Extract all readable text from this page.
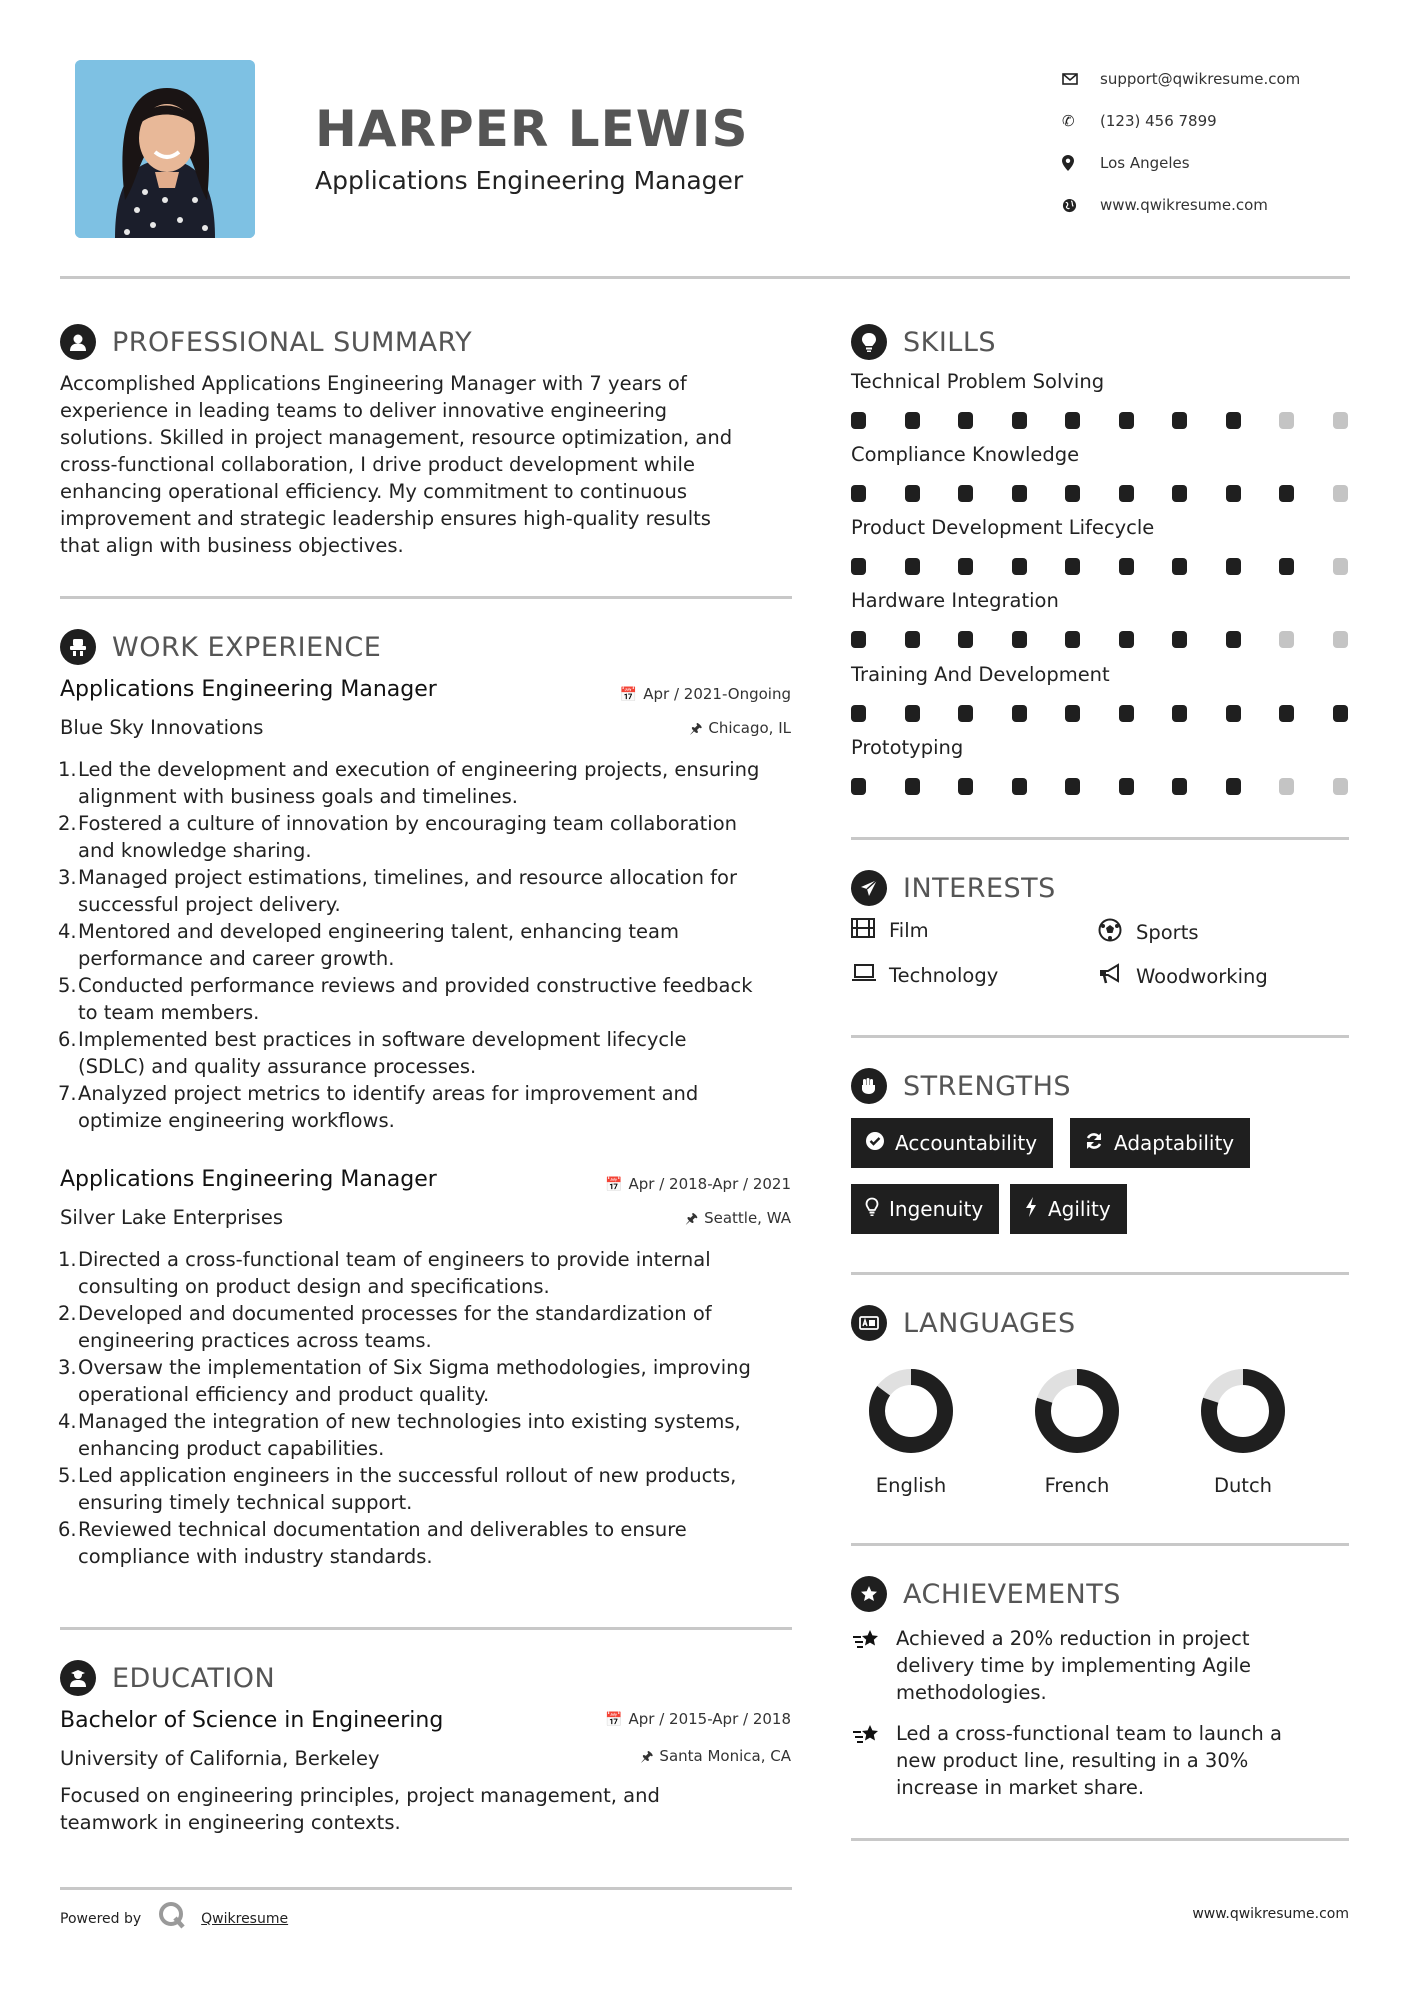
HARPER LEWIS
Applications Engineering Manager
support@qwikresume.com
✆	(123) 456 7899
Los Angeles
www.qwikresume.com
PROFESSIONAL SUMMARY
Accomplished Applications Engineering Manager with 7 years of
experience in leading teams to deliver innovative engineering
solutions. Skilled in project management, resource optimization, and
cross-functional collaboration, I drive product development while
enhancing operational efficiency. My commitment to continuous
improvement and strategic leadership ensures high-quality results
that align with business objectives.
WORK EXPERIENCE
Applications Engineering Manager	📅 Apr / 2021-Ongoing
Blue Sky Innovations	🖈 Chicago, IL
1. Led the development and execution of engineering projects, ensuring
alignment with business goals and timelines.
2. Fostered a culture of innovation by encouraging team collaboration
and knowledge sharing.
3. Managed project estimations, timelines, and resource allocation for
successful project delivery.
4. Mentored and developed engineering talent, enhancing team
performance and career growth.
5. Conducted performance reviews and provided constructive feedback
to team members.
6. Implemented best practices in software development lifecycle
(SDLC) and quality assurance processes.
7. Analyzed project metrics to identify areas for improvement and
optimize engineering workflows.
Applications Engineering Manager	📅 Apr / 2018-Apr / 2021
Silver Lake Enterprises	🖈 Seattle, WA
1. Directed a cross-functional team of engineers to provide internal
consulting on product design and specifications.
2. Developed and documented processes for the standardization of
engineering practices across teams.
3. Oversaw the implementation of Six Sigma methodologies, improving
operational efficiency and product quality.
4. Managed the integration of new technologies into existing systems,
enhancing product capabilities.
5. Led application engineers in the successful rollout of new products,
ensuring timely technical support.
6. Reviewed technical documentation and deliverables to ensure
compliance with industry standards.
EDUCATION
Bachelor of Science in Engineering	📅 Apr / 2015-Apr / 2018
University of California, Berkeley	🖈 Santa Monica, CA
Focused on engineering principles, project management, and
teamwork in engineering contexts.
SKILLS
Technical Problem Solving
Compliance Knowledge
Product Development Lifecycle
Hardware Integration
Training And Development
Prototyping
INTERESTS
Film	Sports
Technology	Woodworking
STRENGTHS
Accountability	Adaptability
Ingenuity	Agility
LANGUAGES
English	French	Dutch
ACHIEVEMENTS
Achieved a 20% reduction in project
delivery time by implementing Agile
methodologies.
Led a cross-functional team to launch a
new product line, resulting in a 30%
increase in market share.
Powered by	Qwikresume	www.qwikresume.com
